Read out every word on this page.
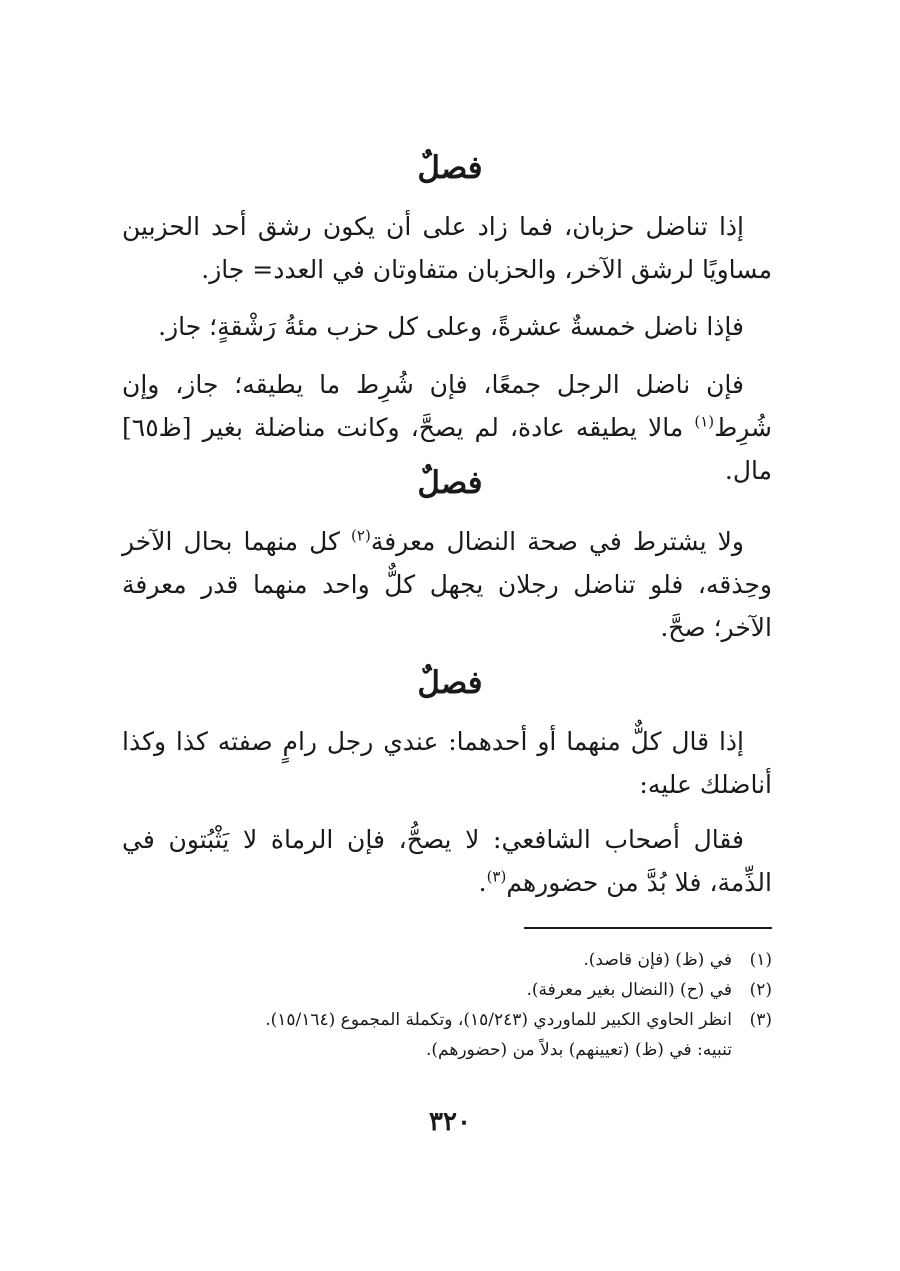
فصلٌ

إذا تناضل حزبان، فما زاد على أن يكون رشق أحد الحزبين مساويًا لرشق الآخر، والحزبان متفاوتان في العدد= جاز.

فإذا ناضل خمسةٌ عشرةً، وعلى كل حزب مئةُ رَشْقةٍ؛ جاز.

فإن ناضل الرجل جمعًا، فإن شُرِط ما يطيقه؛ جاز، وإن شُرِط$^{(١)}$ مالا يطيقه عادة، لم يصحَّ، وكانت مناضلة بغير [ظ٦٥] مال.

فصلٌ

ولا يشترط في صحة النضال معرفة$^{(٢)}$ كل منهما بحال الآخر وحِذقه، فلو تناضل رجلان يجهل كلٌّ واحد منهما قدر معرفة الآخر؛ صحَّ.

فصلٌ

إذا قال كلٌّ منهما أو أحدهما: عندي رجل رامٍ صفته كذا وكذا أناضلك عليه:

فقال أصحاب الشافعي: لا يصحُّ، فإن الرماة لا يَثْبُتون في الذِّمة، فلا بُدَّ من حضورهم$^{(٣)}$.

(١)
في (ظ) (فإن قاصد).
(٢)
في (ح) (النضال بغير معرفة).
(٣)
انظر الحاوي الكبير للماوردي (١٥/٢٤٣)، وتكملة المجموع (١٥/١٦٤).
تنبيه: في (ظ) (تعيينهم) بدلاً من (حضورهم).
٣٢٠
